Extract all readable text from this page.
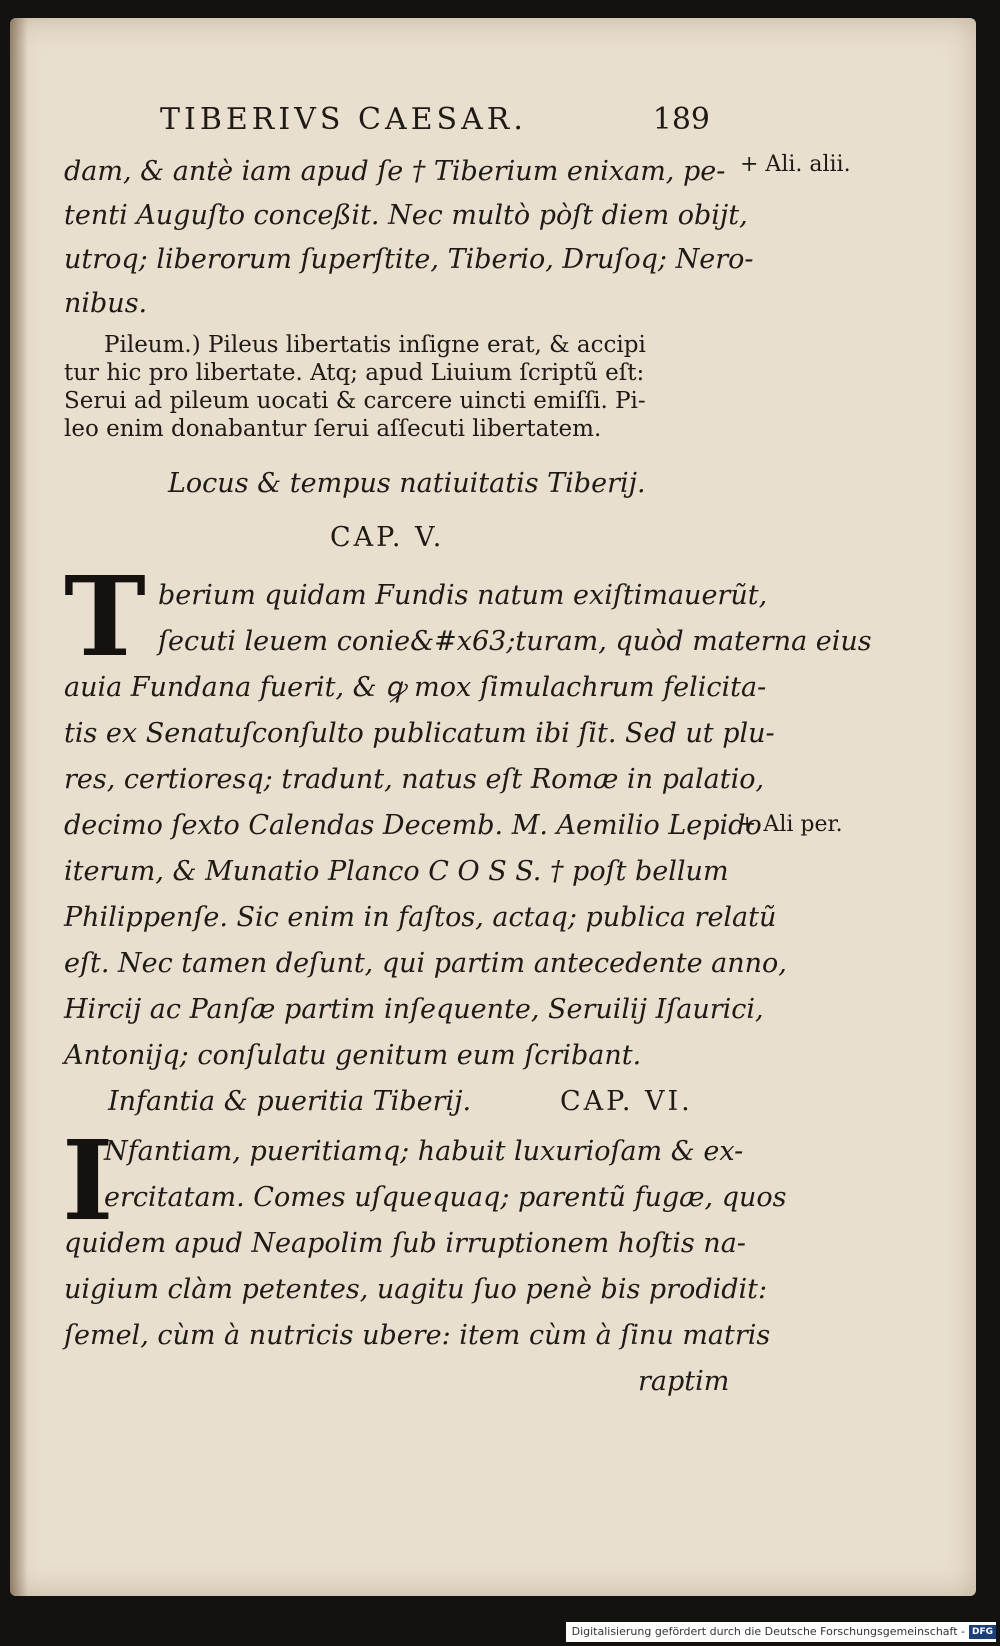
TIBERIVS CAESAR.	189
+ Ali. alii.
+ Ali per.
dam, & antè iam apud ſe † Tiberium enixam, pe-
tenti Auguſto conceßit. Nec multò pòſt diem obijt,
utroq; liberorum ſuperſtite, Tiberio, Druſoq; Nero-
nibus.
Pileum.) Pileus libertatis inſigne erat, & accipi
tur hic pro libertate. Atq; apud Liuium ſcriptũ eſt:
Serui ad pileum uocati & carcere uincti emiſſi. Pi-
leo enim donabantur ſerui aſſecuti libertatem.
Locus & tempus natiuitatis Tiberij.
CAP. V.
T berium quidam Fundis natum exiſtimauerũt,
ſecuti leuem conie&#x63;turam, quòd materna eius
auia Fundana fuerit, & ꝙ mox ſimulachrum felicita-
tis ex Senatuſconſulto publicatum ibi ſit. Sed ut plu-
res, certioresq; tradunt, natus eſt Romæ in palatio,
decimo ſexto Calendas Decemb. M. Aemilio Lepido
iterum, & Munatio Planco C O S S. † poſt bellum
Philippenſe. Sic enim in faſtos, actaq; publica relatũ
eſt. Nec tamen deſunt, qui partim antecedente anno,
Hircij ac Panſæ partim inſequente, Seruilij Iſaurici,
Antonijq; conſulatu genitum eum ſcribant.
Infantia & pueritia Tiberij.	CAP. VI.
I
Nfantiam, pueritiamq; habuit luxurioſam & ex-
ercitatam. Comes uſquequaq; parentũ fugæ, quos
quidem apud Neapolim ſub irruptionem hoſtis na-
uigium clàm petentes, uagitu ſuo penè bis prodidit:
ſemel, cùm à nutricis ubere: item cùm à ſinu matris
raptim
Digitalisierung gefördert durch die Deutsche Forschungsgemeinschaft - DFG
